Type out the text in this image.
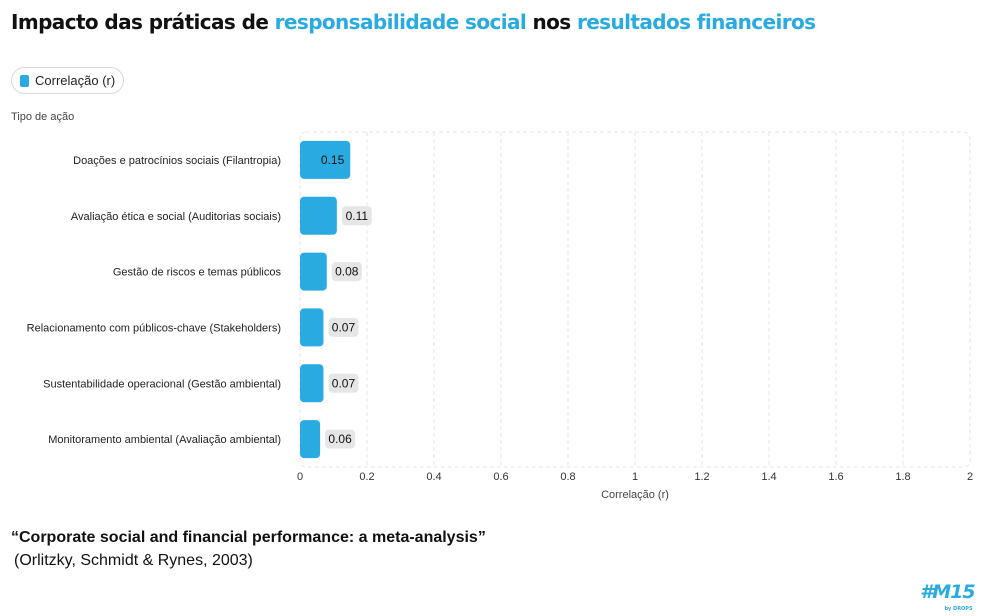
Impacto das práticas de responsabilidade social nos resultados financeiros
Correlação (r)
Tipo de ação
0	0.2	0.4	0.6	0.8	1	1.2	1.4	1.6	1.8	2
Correlação (r)
Doações e patrocínios sociais (Filantropia)	0.15
Avaliação ética e social (Auditorias sociais)	0.11
Gestão de riscos e temas públicos	0.08
Relacionamento com públicos-chave (Stakeholders)	0.07
Sustentabilidade operacional (Gestão ambiental)	0.07
Monitoramento ambiental (Avaliação ambiental)	0.06
“Corporate social and financial performance: a meta-analysis”
(Orlitzky, Schmidt & Rynes, 2003)
#M15
by DROPS
